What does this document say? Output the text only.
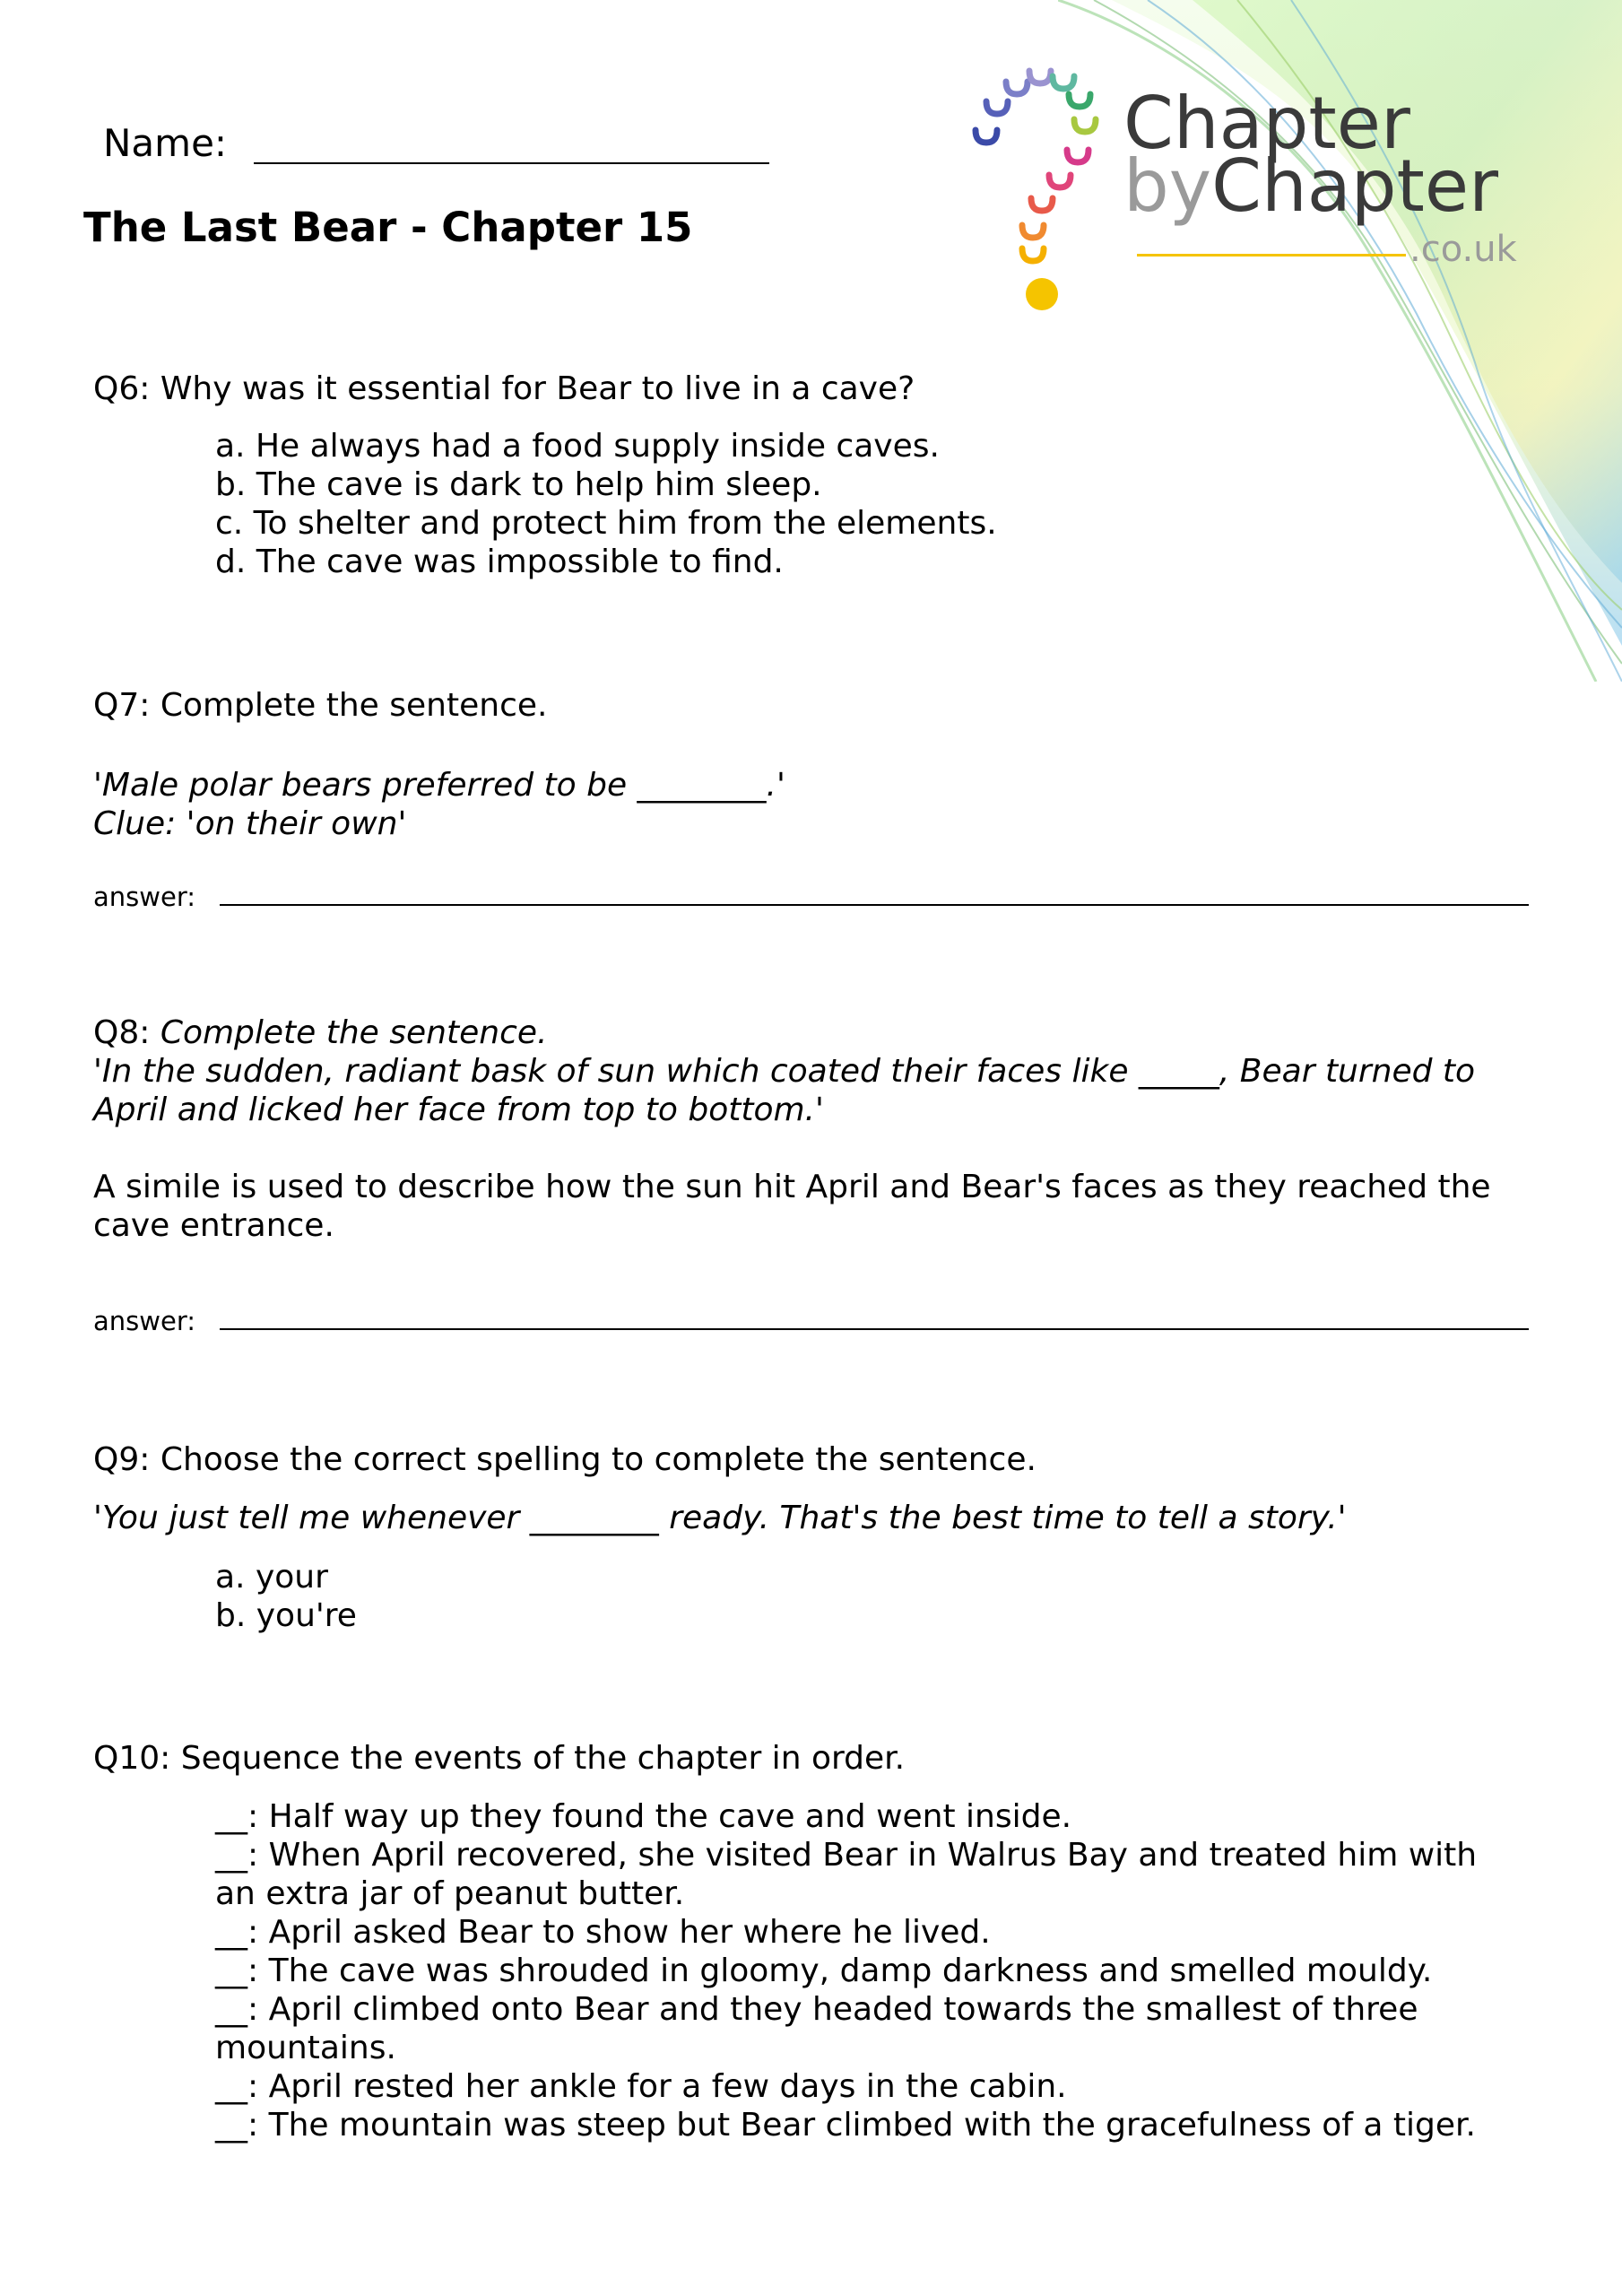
Chapter
byChapter
.co.uk
Name:
The Last Bear - Chapter 15
Q6: Why was it essential for Bear to live in a cave?
a. He always had a food supply inside caves.
b. The cave is dark to help him sleep.
c. To shelter and protect him from the elements.
d. The cave was impossible to find.
Q7: Complete the sentence.
'Male polar bears preferred to be ________.'
Clue: 'on their own'
answer:
Q8: Complete the sentence.
'In the sudden, radiant bask of sun which coated their faces like _____, Bear turned to
April and licked her face from top to bottom.'
A simile is used to describe how the sun hit April and Bear's faces as they reached the
cave entrance.
answer:
Q9: Choose the correct spelling to complete the sentence.
'You just tell me whenever ________ ready. That's the best time to tell a story.'
a. your
b. you're
Q10: Sequence the events of the chapter in order.
__: Half way up they found the cave and went inside.
__: When April recovered, she visited Bear in Walrus Bay and treated him with
an extra jar of peanut butter.
__: April asked Bear to show her where he lived.
__: The cave was shrouded in gloomy, damp darkness and smelled mouldy.
__: April climbed onto Bear and they headed towards the smallest of three
mountains.
__: April rested her ankle for a few days in the cabin.
__: The mountain was steep but Bear climbed with the gracefulness of a tiger.
